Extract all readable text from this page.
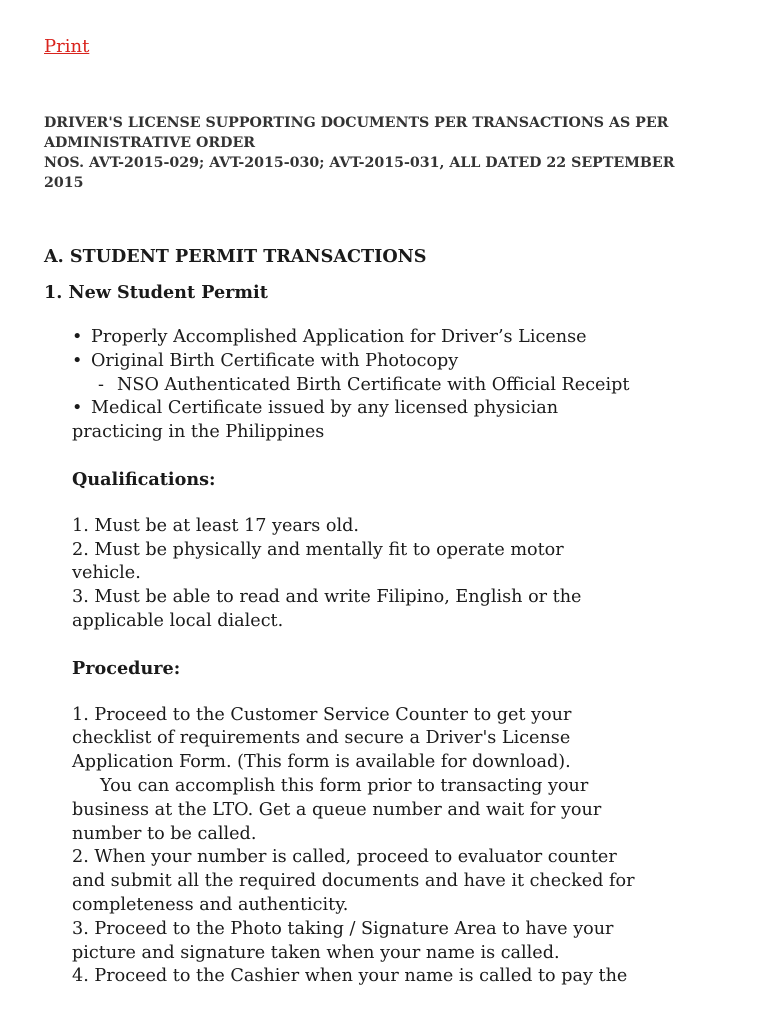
Print
DRIVER'S LICENSE SUPPORTING DOCUMENTS PER TRANSACTIONS AS PER
ADMINISTRATIVE ORDER
NOS. AVT-2015-029; AVT-2015-030; AVT-2015-031, ALL DATED 22 SEPTEMBER
2015
A. STUDENT PERMIT TRANSACTIONS
1. New Student Permit
• Properly Accomplished Application for Driver’s License
• Original Birth Certificate with Photocopy
- NSO Authenticated Birth Certificate with Official Receipt
• Medical Certificate issued by any licensed physician
practicing in the Philippines
Qualifications:
1. Must be at least 17 years old.
2. Must be physically and mentally fit to operate motor
vehicle.
3. Must be able to read and write Filipino, English or the
applicable local dialect.
Procedure:
1. Proceed to the Customer Service Counter to get your
checklist of requirements and secure a Driver's License
Application Form. (This form is available for download).
You can accomplish this form prior to transacting your
business at the LTO. Get a queue number and wait for your
number to be called.
2. When your number is called, proceed to evaluator counter
and submit all the required documents and have it checked for
completeness and authenticity.
3. Proceed to the Photo taking / Signature Area to have your
picture and signature taken when your name is called.
4. Proceed to the Cashier when your name is called to pay the
